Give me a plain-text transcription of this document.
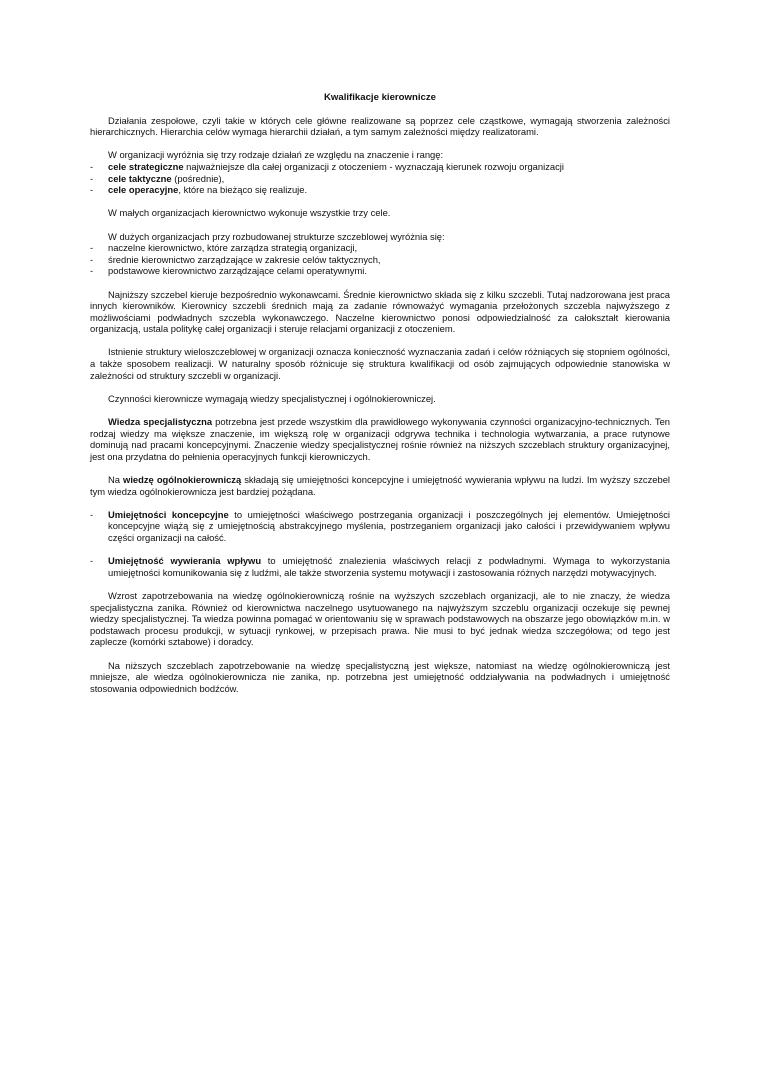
Kwalifikacje kierownicze

Działania zespołowe, czyli takie w których cele główne realizowane są poprzez cele cząstkowe, wymagają stworzenia zależności hierarchicznych. Hierarchia celów wymaga hierarchii działań, a tym samym zależności między realizatorami.

W organizacji wyróżnia się trzy rodzaje działań ze względu na znaczenie i rangę:

- cele strategiczne najważniejsze dla całej organizacji z otoczeniem - wyznaczają kierunek rozwoju organizacji
- cele taktyczne (pośrednie),
- cele operacyjne, które na bieżąco się realizuje.

W małych organizacjach kierownictwo wykonuje wszystkie trzy cele.

W dużych organizacjach przy rozbudowanej strukturze szczeblowej wyróżnia się:

- naczelne kierownictwo, które zarządza strategią organizacji,
- średnie kierownictwo zarządzające w zakresie celów taktycznych,
- podstawowe kierownictwo zarządzające celami operatywnymi.

Najniższy szczebel kieruje bezpośrednio wykonawcami. Średnie kierownictwo składa się z kilku szczebli. Tutaj nadzorowana jest praca innych kierowników. Kierownicy szczebli średnich mają za zadanie równoważyć wymagania przełożonych szczebla najwyższego z możliwościami podwładnych szczebla wykonawczego. Naczelne kierownictwo ponosi odpowiedzialność za całokształt kierowania organizacją, ustala politykę całej organizacji i steruje relacjami organizacji z otoczeniem.

Istnienie struktury wieloszczeblowej w organizacji oznacza konieczność wyznaczania zadań i celów różniących się stopniem ogólności, a także sposobem realizacji. W naturalny sposób różnicuje się struktura kwalifikacji od osób zajmujących odpowiednie stanowiska w zależności od struktury szczebli w organizacji.

Czynności kierownicze wymagają wiedzy specjalistycznej i ogólnokierowniczej.

Wiedza specjalistyczna potrzebna jest przede wszystkim dla prawidłowego wykonywania czynności organizacyjno-technicznych. Ten rodzaj wiedzy ma większe znaczenie, im większą rolę w organizacji odgrywa technika i technologia wytwarzania, a prace rutynowe dominują nad pracami koncepcyjnymi. Znaczenie wiedzy specjalistycznej rośnie również na niższych szczeblach struktury organizacyjnej, jest ona przydatna do pełnienia operacyjnych funkcji kierowniczych.

Na wiedzę ogólnokierowniczą składają się umiejętności koncepcyjne i umiejętność wywierania wpływu na ludzi. Im wyższy szczebel tym wiedza ogólnokierownicza jest bardziej pożądana.

- Umiejętności koncepcyjne to umiejętności właściwego postrzegania organizacji i poszczególnych jej elementów. Umiejętności koncepcyjne wiążą się z umiejętnością abstrakcyjnego myślenia, postrzeganiem organizacji jako całości i przewidywaniem wpływu części organizacji na całość.
- Umiejętność wywierania wpływu to umiejętność znalezienia właściwych relacji z podwładnymi. Wymaga to wykorzystania umiejętności komunikowania się z ludźmi, ale także stworzenia systemu motywacji i zastosowania różnych narzędzi motywacyjnych.

Wzrost zapotrzebowania na wiedzę ogólnokierowniczą rośnie na wyższych szczeblach organizacji, ale to nie znaczy, że wiedza specjalistyczna zanika. Również od kierownictwa naczelnego usytuowanego na najwyższym szczeblu organizacji oczekuje się pewnej wiedzy specjalistycznej. Ta wiedza powinna pomagać w orientowaniu się w sprawach podstawowych na obszarze jego obowiązków m.in. w podstawach procesu produkcji, w sytuacji rynkowej, w przepisach prawa. Nie musi to być jednak wiedza szczegółowa; od tego jest zaplecze (komórki sztabowe) i doradcy.

Na niższych szczeblach zapotrzebowanie na wiedzę specjalistyczną jest większe, natomiast na wiedzę ogólnokierowniczą jest mniejsze, ale wiedza ogólnokierownicza nie zanika, np. potrzebna jest umiejętność oddziaływania na podwładnych i umiejętność stosowania odpowiednich bodźców.
